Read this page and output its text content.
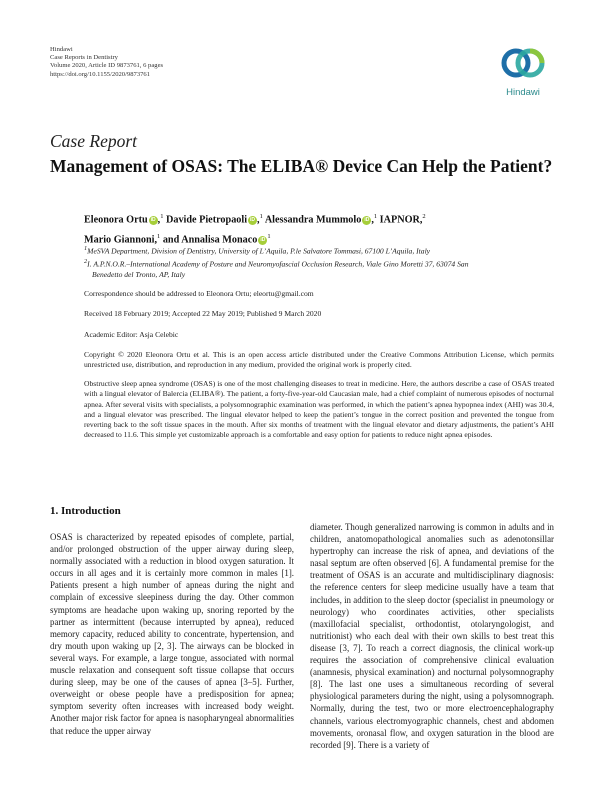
Hindawi
Case Reports in Dentistry
Volume 2020, Article ID 9873761, 6 pages
https://doi.org/10.1155/2020/9873761
Hindawi
Case Report
Management of OSAS: The ELIBA® Device Can Help the Patient?
Eleonora Ortu iD ,$^1$ Davide Pietropaoli iD ,$^1$ Alessandra Mummolo iD ,$^1$ IAPNOR,$^2$
Mario Giannoni,$^1$ and Annalisa Monaco $iD^1$
$^1$MeSVA Department, Division of Dentistry, University of L’Aquila, P.le Salvatore Tommasi, 67100 L’Aquila, Italy
$^2$I. A.P.N.O.R.–International Academy of Posture and Neuromyofascial Occlusion Research, Viale Gino Moretti 37, 63074 San
Benedetto del Tronto, AP, Italy
Correspondence should be addressed to Eleonora Ortu; eleortu@gmail.com
Received 18 February 2019; Accepted 22 May 2019; Published 9 March 2020
Academic Editor: Asja Celebic
Copyright © 2020 Eleonora Ortu et al. This is an open access article distributed under the Creative Commons Attribution License, which permits unrestricted use, distribution, and reproduction in any medium, provided the original work is properly cited.
Obstructive sleep apnea syndrome (OSAS) is one of the most challenging diseases to treat in medicine. Here, the authors describe a case of OSAS treated with a lingual elevator of Balercia (ELIBA®). The patient, a forty-five-year-old Caucasian male, had a chief complaint of numerous episodes of nocturnal apnea. After several visits with specialists, a polysomnographic examination was performed, in which the patient’s apnea hypopnea index (AHI) was 30.4, and a lingual elevator was prescribed. The lingual elevator helped to keep the patient’s tongue in the correct position and prevented the tongue from reverting back to the soft tissue spaces in the mouth. After six months of treatment with the lingual elevator and dietary adjustments, the patient’s AHI decreased to 11.6. This simple yet customizable approach is a comfortable and easy option for patients to reduce night apnea episodes.
1. Introduction

OSAS is characterized by repeated episodes of complete, partial, and/or prolonged obstruction of the upper airway during sleep, normally associated with a reduction in blood oxygen saturation. It occurs in all ages and it is certainly more common in males [1]. Patients present a high number of apneas during the night and complain of excessive sleepiness during the day. Other common symptoms are headache upon waking up, snoring reported by the partner as intermittent (because interrupted by apnea), reduced memory capacity, reduced ability to concentrate, hypertension, and dry mouth upon waking up [2, 3]. The airways can be blocked in several ways. For example, a large tongue, associated with normal muscle relaxation and consequent soft tissue collapse that occurs during sleep, may be one of the causes of apnea [3–5]. Further, overweight or obese people have a predisposition for apnea; symptom severity often increases with increased body weight. Another major risk factor for apnea is nasopharyngeal abnormalities that reduce the upper airway

diameter. Though generalized narrowing is common in adults and in children, anatomopathological anomalies such as adenotonsillar hypertrophy can increase the risk of apnea, and deviations of the nasal septum are often observed [6]. A fundamental premise for the treatment of OSAS is an accurate and multidisciplinary diagnosis: the reference centers for sleep medicine usually have a team that includes, in addition to the sleep doctor (specialist in pneumology or neurology) who coordinates activities, other specialists (maxillofacial specialist, orthodontist, otolaryngologist, and nutritionist) who each deal with their own skills to best treat this disease [3, 7]. To reach a correct diagnosis, the clinical work-up requires the association of comprehensive clinical evaluation (anamnesis, physical examination) and nocturnal polysomnography [8]. The last one uses a simultaneous recording of several physiological parameters during the night, using a polysomnograph. Normally, during the test, two or more electroencephalography channels, various electromyographic channels, chest and abdomen movements, oronasal flow, and oxygen saturation in the blood are recorded [9]. There is a variety of
